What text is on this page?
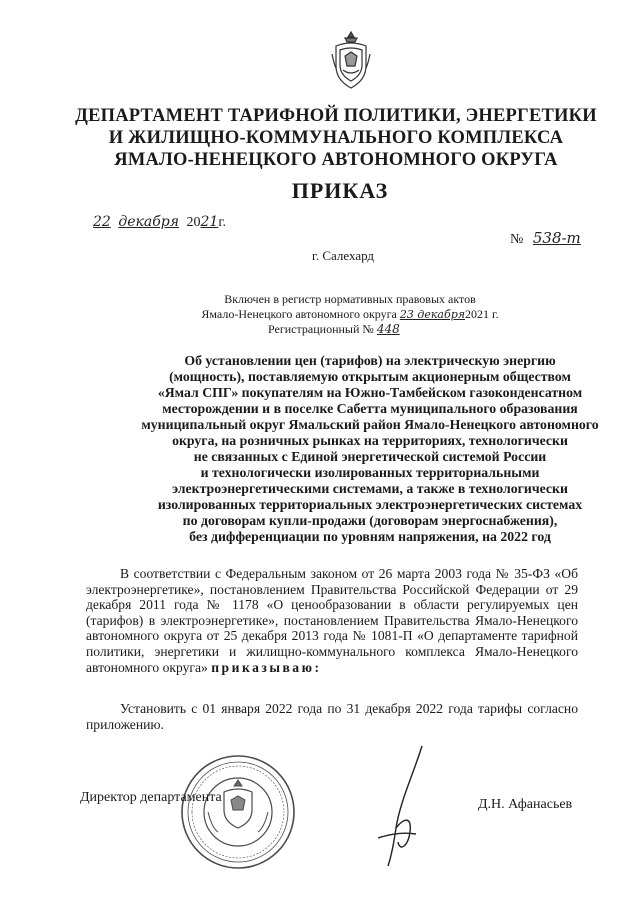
ДЕПАРТАМЕНТ ТАРИФНОЙ ПОЛИТИКИ, ЭНЕРГЕТИКИ
И ЖИЛИЩНО-КОММУНАЛЬНОГО КОМПЛЕКСА
ЯМАЛО-НЕНЕЦКОГО АВТОНОМНОГО ОКРУГА
ПРИКАЗ
22 декабря 2021г.
№ 538-т
г. Салехард
Включен в регистр нормативных правовых актов
Ямало-Ненецкого автономного округа 23 декабря2021 г.
Регистрационный № 448
Об установлении цен (тарифов) на электрическую энергию
(мощность), поставляемую открытым акционерным обществом
«Ямал СПГ» покупателям на Южно-Тамбейском газоконденсатном
месторождении и в поселке Сабетта муниципального образования
муниципальный округ Ямальский район Ямало-Ненецкого автономного
округа, на розничных рынках на территориях, технологически
не связанных с Единой энергетической системой России
и технологически изолированных территориальными
электроэнергетическими системами, а также в технологически
изолированных территориальных электроэнергетических системах
по договорам купли-продажи (договорам энергоснабжения),
без дифференциации по уровням напряжения, на 2022 год

В соответствии с Федеральным законом от 26 марта 2003 года № 35-ФЗ «Об электроэнергетике», постановлением Правительства Российской Федерации от 29 декабря 2011 года № 1178 «О ценообразовании в области регулируемых цен (тарифов) в электроэнергетике», постановлением Правительства Ямало-Ненецкого автономного округа от 25 декабря 2013 года № 1081-П «О департаменте тарифной политики, энергетики и жилищно-коммунального комплекса Ямало-Ненецкого автономного округа» приказываю:

Установить с 01 января 2022 года по 31 декабря 2022 года тарифы согласно приложению.

Директор департамента	Д.Н. Афанасьев
